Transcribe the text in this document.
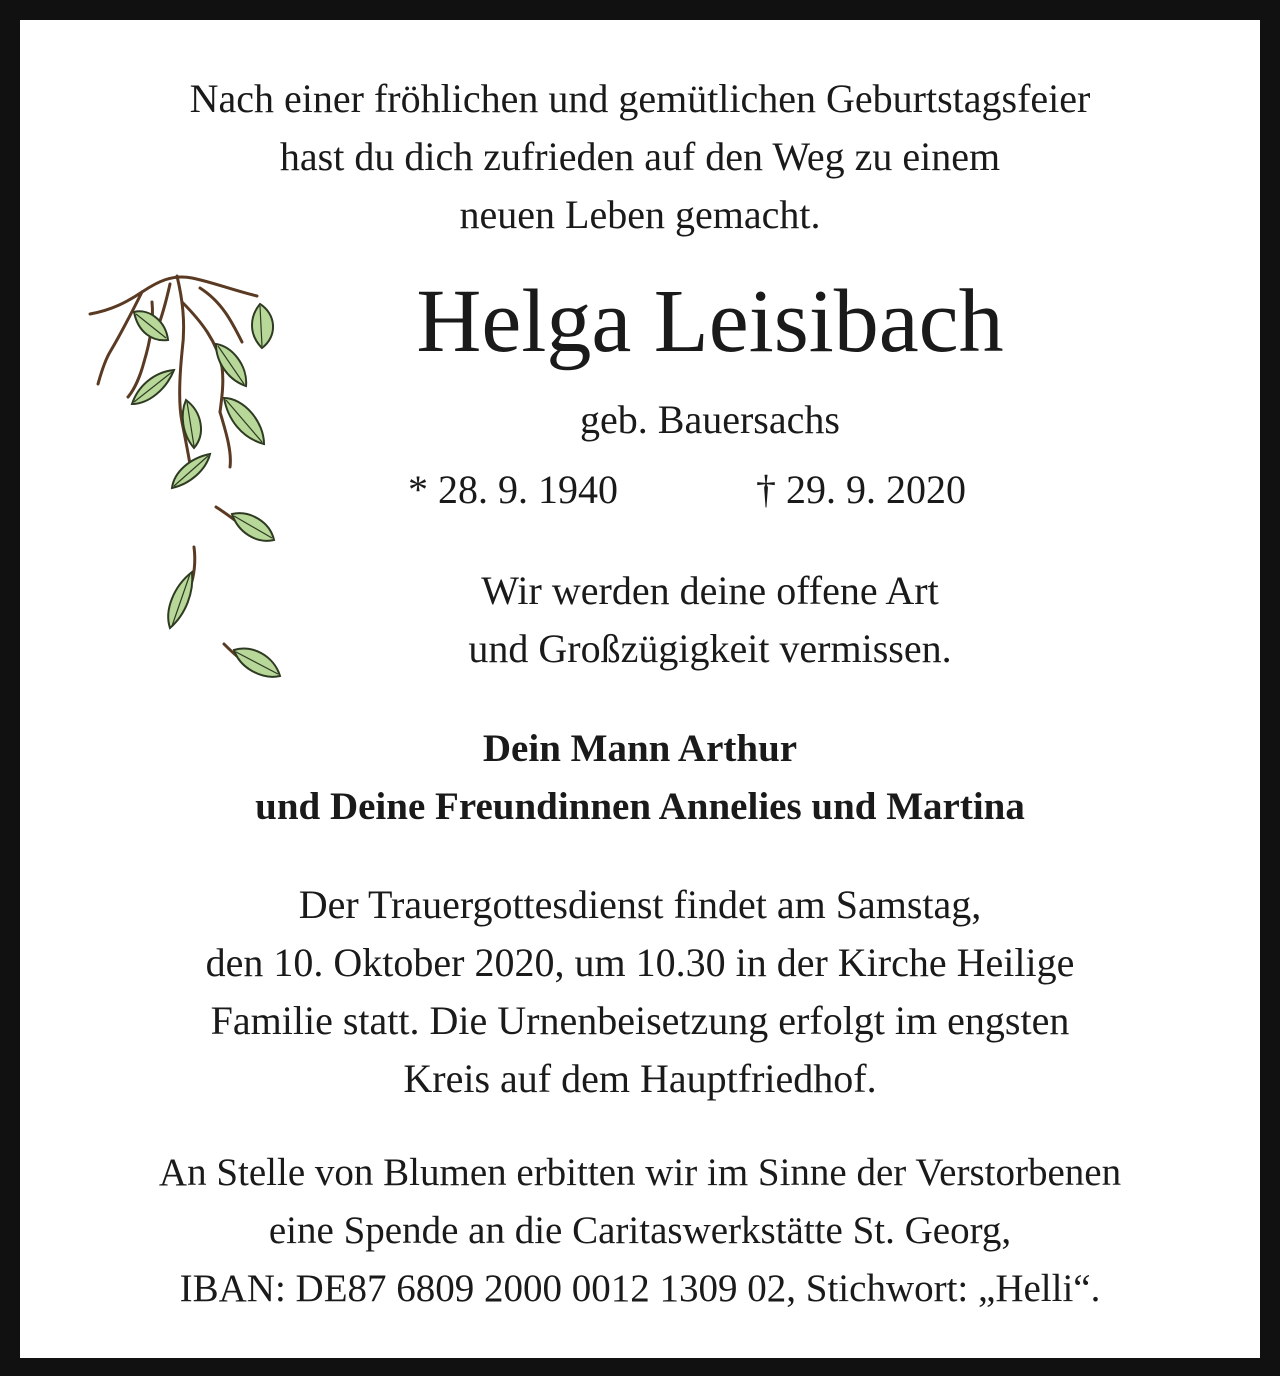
Nach einer fröhlichen und gemütlichen Geburtstagsfeier
hast du dich zufrieden auf den Weg zu einem
neuen Leben gemacht.
Helga Leisibach
geb. Bauersachs
* 28. 9. 1940	† 29. 9. 2020
Wir werden deine offene Art
und Großzügigkeit vermissen.
Dein Mann Arthur
und Deine Freundinnen Annelies und Martina
Der Trauergottesdienst findet am Samstag,
den 10. Oktober 2020, um 10.30 in der Kirche Heilige
Familie statt. Die Urnenbeisetzung erfolgt im engsten
Kreis auf dem Hauptfriedhof.
An Stelle von Blumen erbitten wir im Sinne der Verstorbenen
eine Spende an die Caritaswerkstätte St. Georg,
IBAN: DE87 6809 2000 0012 1309 02, Stichwort: „Helli“.
